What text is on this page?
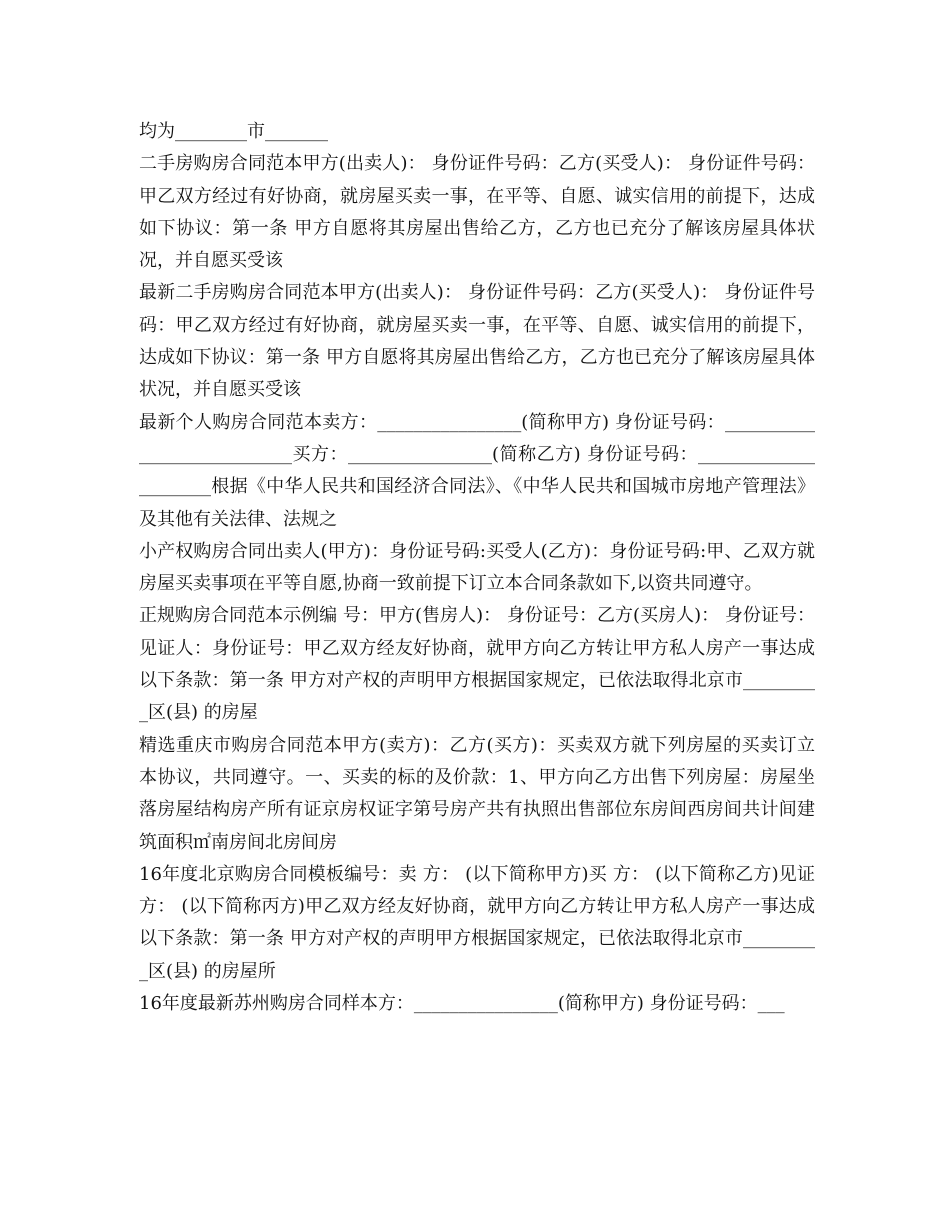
均为________市_______

二手房购房合同范本甲方(出卖人)： 身份证件号码：乙方(买受人)： 身份证件号码：甲乙双方经过有好协商，就房屋买卖一事，在平等、自愿、诚实信用的前提下，达成如下协议：第一条 甲方自愿将其房屋出售给乙方，乙方也已充分了解该房屋具体状况，并自愿买受该

最新二手房购房合同范本甲方(出卖人)： 身份证件号码：乙方(买受人)： 身份证件号码：甲乙双方经过有好协商，就房屋买卖一事，在平等、自愿、诚实信用的前提下，达成如下协议：第一条 甲方自愿将其房屋出售给乙方，乙方也已充分了解该房屋具体状况，并自愿买受该

最新个人购房合同范本卖方：________________(简称甲方) 身份证号码：___________________________买方：________________(简称乙方) 身份证号码：_____________________根据《中华人民共和国经济合同法》、《中华人民共和国城市房地产管理法》及其他有关法律、法规之

小产权购房合同出卖人(甲方)：身份证号码:买受人(乙方)：身份证号码:甲、乙双方就房屋买卖事项在平等自愿,协商一致前提下订立本合同条款如下,以资共同遵守。

正规购房合同范本示例编 号：甲方(售房人)： 身份证号：乙方(买房人)： 身份证号：见证人：身份证号：甲乙双方经友好协商，就甲方向乙方转让甲方私人房产一事达成以下条款：第一条 甲方对产权的声明甲方根据国家规定，已依法取得北京市_________区(县) 的房屋

精选重庆市购房合同范本甲方(卖方)：乙方(买方)：买卖双方就下列房屋的买卖订立本协议，共同遵守。一、买卖的标的及价款：1、甲方向乙方出售下列房屋：房屋坐落房屋结构房产所有证京房权证字第号房产共有执照出售部位东房间西房间共计间建筑面积㎡南房间北房间房

16年度北京购房合同模板编号：卖 方： (以下简称甲方)买 方： (以下简称乙方)见证方： (以下简称丙方)甲乙双方经友好协商，就甲方向乙方转让甲方私人房产一事达成以下条款：第一条 甲方对产权的声明甲方根据国家规定，已依法取得北京市_________区(县) 的房屋所

16年度最新苏州购房合同样本方：________________(简称甲方) 身份证号码：___
